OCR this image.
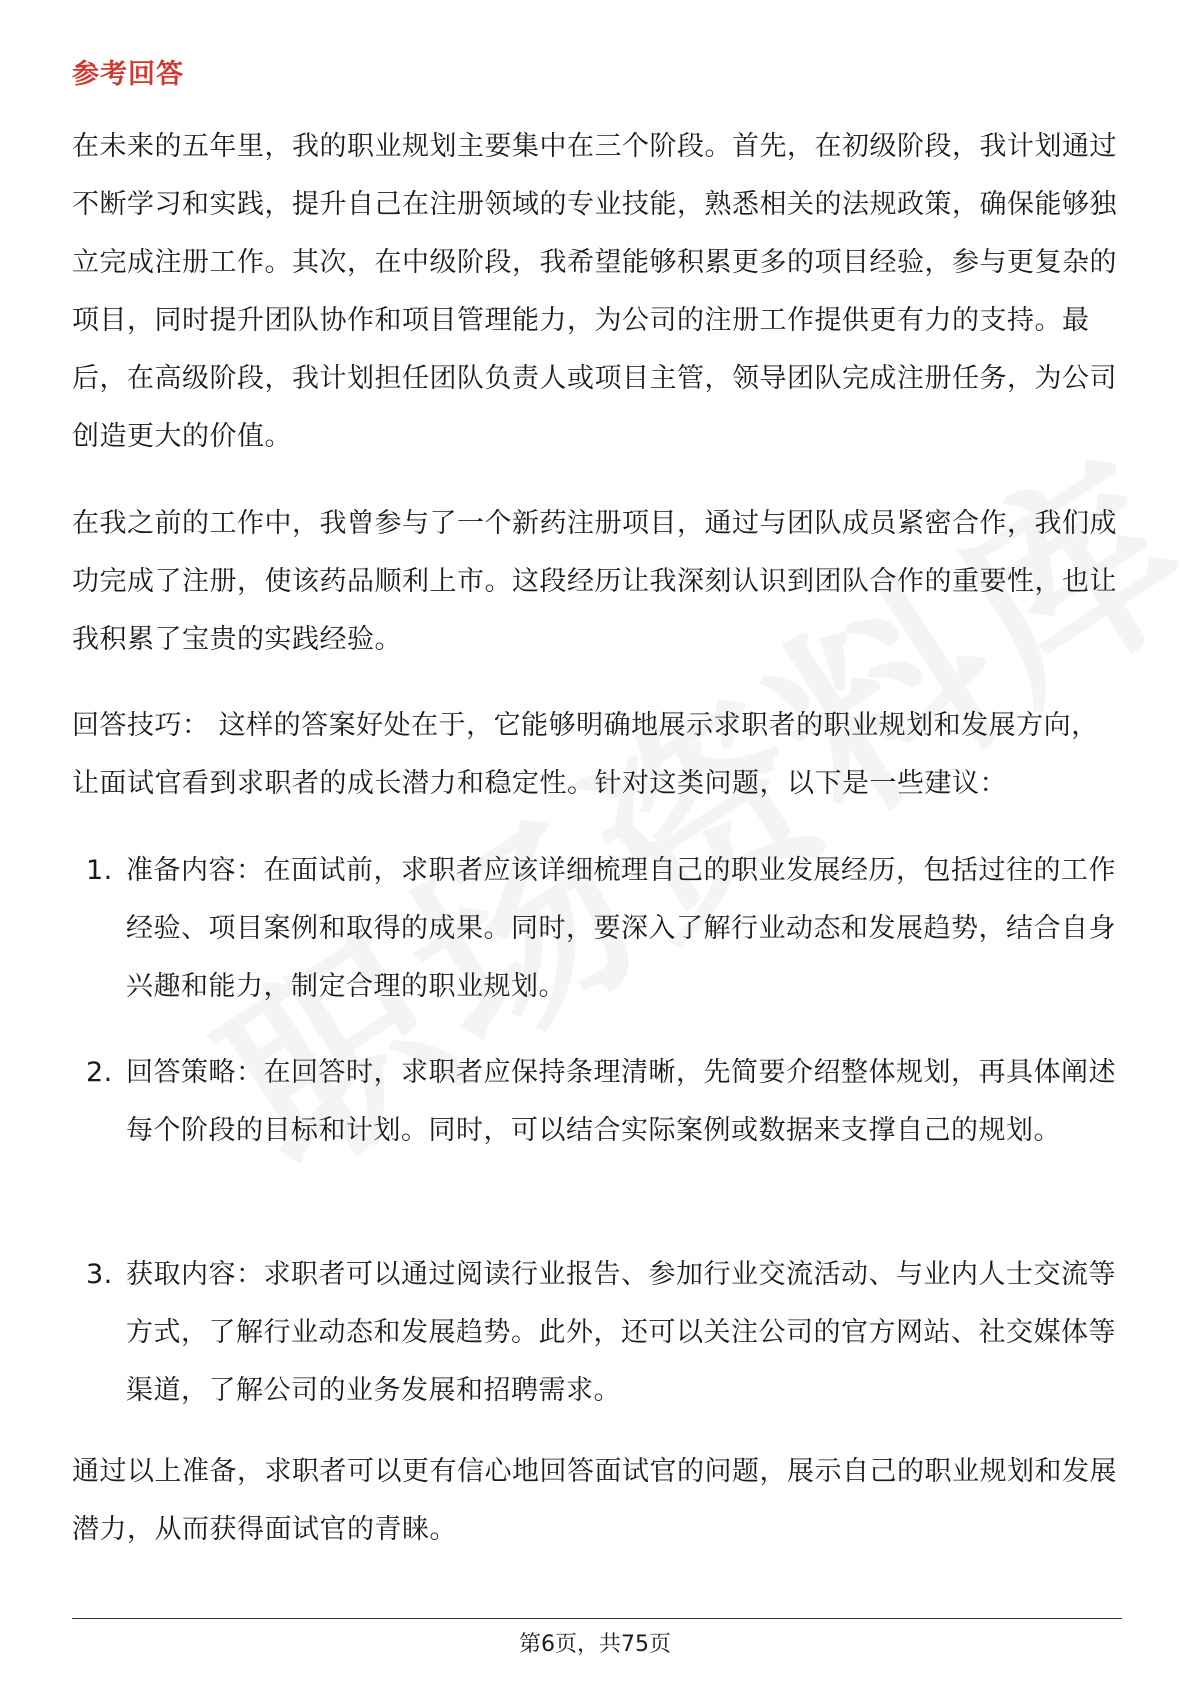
参考回答

在未来的五年里，我的职业规划主要集中在三个阶段。首先，在初级阶段，我计划通过不断学习和实践，提升自己在注册领域的专业技能，熟悉相关的法规政策，确保能够独立完成注册工作。其次，在中级阶段，我希望能够积累更多的项目经验，参与更复杂的项目，同时提升团队协作和项目管理能力，为公司的注册工作提供更有力的支持。最后，在高级阶段，我计划担任团队负责人或项目主管，领导团队完成注册任务，为公司创造更大的价值。

在我之前的工作中，我曾参与了一个新药注册项目，通过与团队成员紧密合作，我们成功完成了注册，使该药品顺利上市。这段经历让我深刻认识到团队合作的重要性，也让我积累了宝贵的实践经验。

回答技巧： 这样的答案好处在于，它能够明确地展示求职者的职业规划和发展方向，让面试官看到求职者的成长潜力和稳定性。针对这类问题，以下是一些建议：

1. 准备内容：在面试前，求职者应该详细梳理自己的职业发展经历，包括过往的工作经验、项目案例和取得的成果。同时，要深入了解行业动态和发展趋势，结合自身兴趣和能力，制定合理的职业规划。
2. 回答策略：在回答时，求职者应保持条理清晰，先简要介绍整体规划，再具体阐述每个阶段的目标和计划。同时，可以结合实际案例或数据来支撑自己的规划。
3. 获取内容：求职者可以通过阅读行业报告、参加行业交流活动、与业内人士交流等方式，了解行业动态和发展趋势。此外，还可以关注公司的官方网站、社交媒体等渠道，了解公司的业务发展和招聘需求。

通过以上准备，求职者可以更有信心地回答面试官的问题，展示自己的职业规划和发展潜力，从而获得面试官的青睐。

第6页，共75页
